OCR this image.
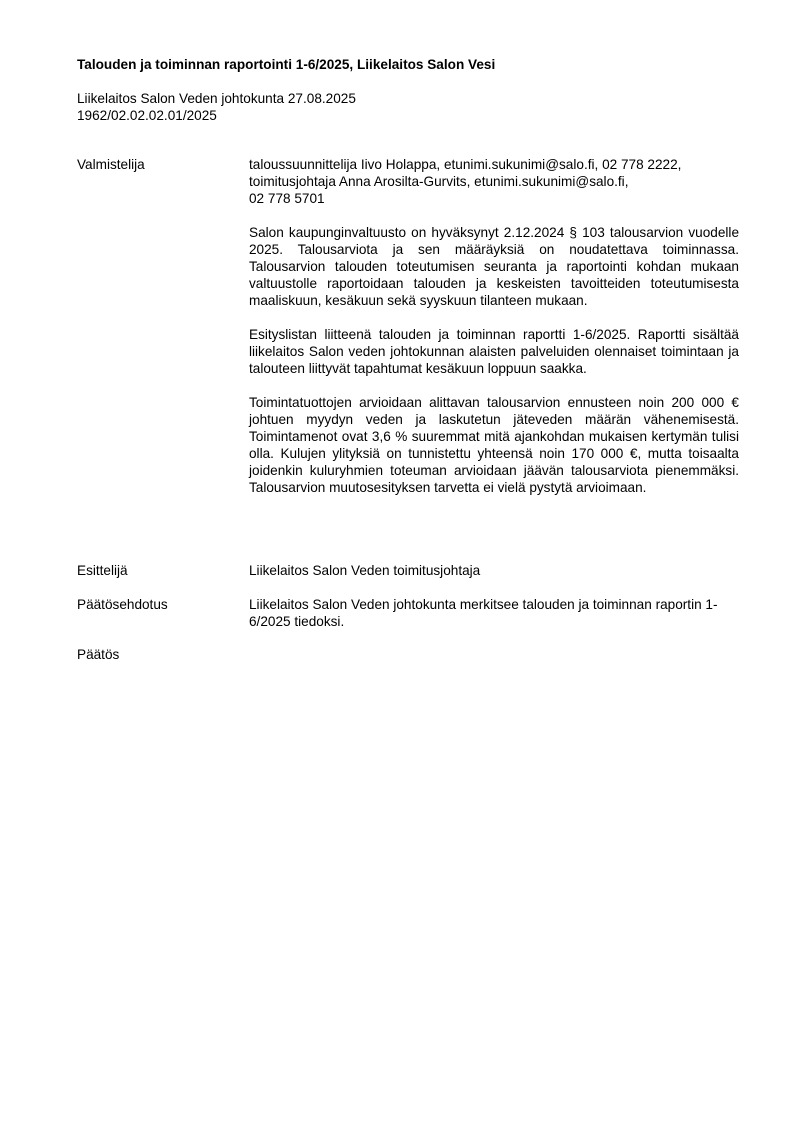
Talouden ja toiminnan raportointi 1-6/2025, Liikelaitos Salon Vesi
Liikelaitos Salon Veden johtokunta 27.08.2025
1962/02.02.02.01/2025
Valmistelija	taloussuunnittelija Iivo Holappa, etunimi.sukunimi@salo.fi, 02 778 2222,
toimitusjohtaja Anna Arosilta-Gurvits, etunimi.sukunimi@salo.fi,
02 778 5701

Salon kaupunginvaltuusto on hyväksynyt 2.12.2024 § 103 talousarvion vuodelle 2025. Talousarviota ja sen määräyksiä on noudatettava toiminnassa. Talousarvion talouden toteutumisen seuranta ja raportointi kohdan mukaan valtuustolle raportoidaan talouden ja keskeisten tavoitteiden toteutumisesta maaliskuun, kesäkuun sekä syyskuun tilanteen mukaan.

Esityslistan liitteenä talouden ja toiminnan raportti 1-6/2025. Raportti sisältää liikelaitos Salon veden johtokunnan alaisten palveluiden olennaiset toimintaan ja talouteen liittyvät tapahtumat kesäkuun loppuun saakka.

Toimintatuottojen arvioidaan alittavan talousarvion ennusteen noin 200 000 € johtuen myydyn veden ja laskutetun jäteveden määrän vähenemisestä. Toimintamenot ovat 3,6 % suuremmat mitä ajankohdan mukaisen kertymän tulisi olla. Kulujen ylityksiä on tunnistettu yhteensä noin 170 000 €, mutta toisaalta joidenkin kuluryhmien toteuman arvioidaan jäävän talousarviota pienemmäksi. Talousarvion muutosesityksen tarvetta ei vielä pystytä arvioimaan.

Esittelijä	Liikelaitos Salon Veden toimitusjohtaja
Päätösehdotus	Liikelaitos Salon Veden johtokunta merkitsee talouden ja toiminnan raportin 1-6/2025 tiedoksi.
Päätös
